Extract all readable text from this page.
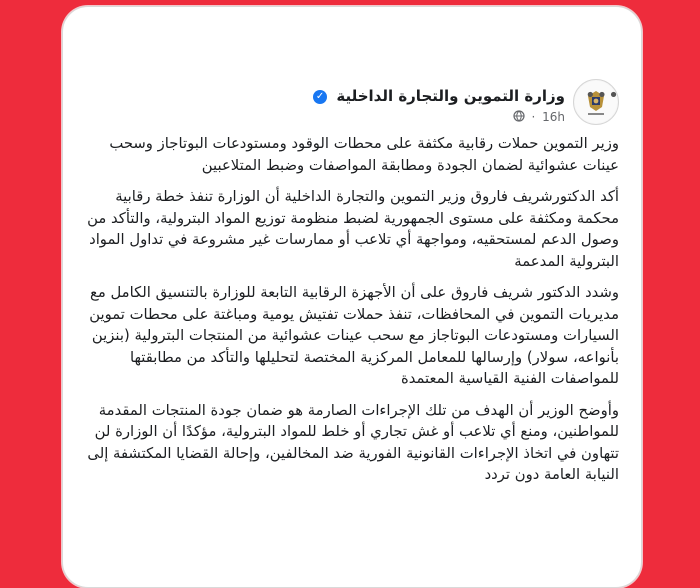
وزارة التموين والتجارة الداخلية ✓
· 16h
•••

وزير التموين حملات رقابية مكثفة على محطات الوقود ومستودعات البوتاجاز وسحب عينات عشوائية لضمان الجودة ومطابقة المواصفات وضبط المتلاعبين

أكد الدكتورشريف فاروق وزير التموين والتجارة الداخلية أن الوزارة تنفذ خطة رقابية محكمة ومكثفة على مستوى الجمهورية لضبط منظومة توزيع المواد البترولية، والتأكد من وصول الدعم لمستحقيه، ومواجهة أي تلاعب أو ممارسات غير مشروعة في تداول المواد البترولية المدعمة

وشدد الدكتور شريف فاروق على أن الأجهزة الرقابية التابعة للوزارة بالتنسيق الكامل مع مديريات التموين في المحافظات، تنفذ حملات تفتيش يومية ومباغتة على محطات تموين السيارات ومستودعات البوتاجاز مع سحب عينات عشوائية من المنتجات البترولية (بنزين بأنواعه، سولار) وإرسالها للمعامل المركزية المختصة لتحليلها والتأكد من مطابقتها للمواصفات الفنية القياسية المعتمدة

وأوضح الوزير أن الهدف من تلك الإجراءات الصارمة هو ضمان جودة المنتجات المقدمة للمواطنين، ومنع أي تلاعب أو غش تجاري أو خلط للمواد البترولية، مؤكدًا أن الوزارة لن تتهاون في اتخاذ الإجراءات القانونية الفورية ضد المخالفين، وإحالة القضايا المكتشفة إلى النيابة العامة دون تردد
